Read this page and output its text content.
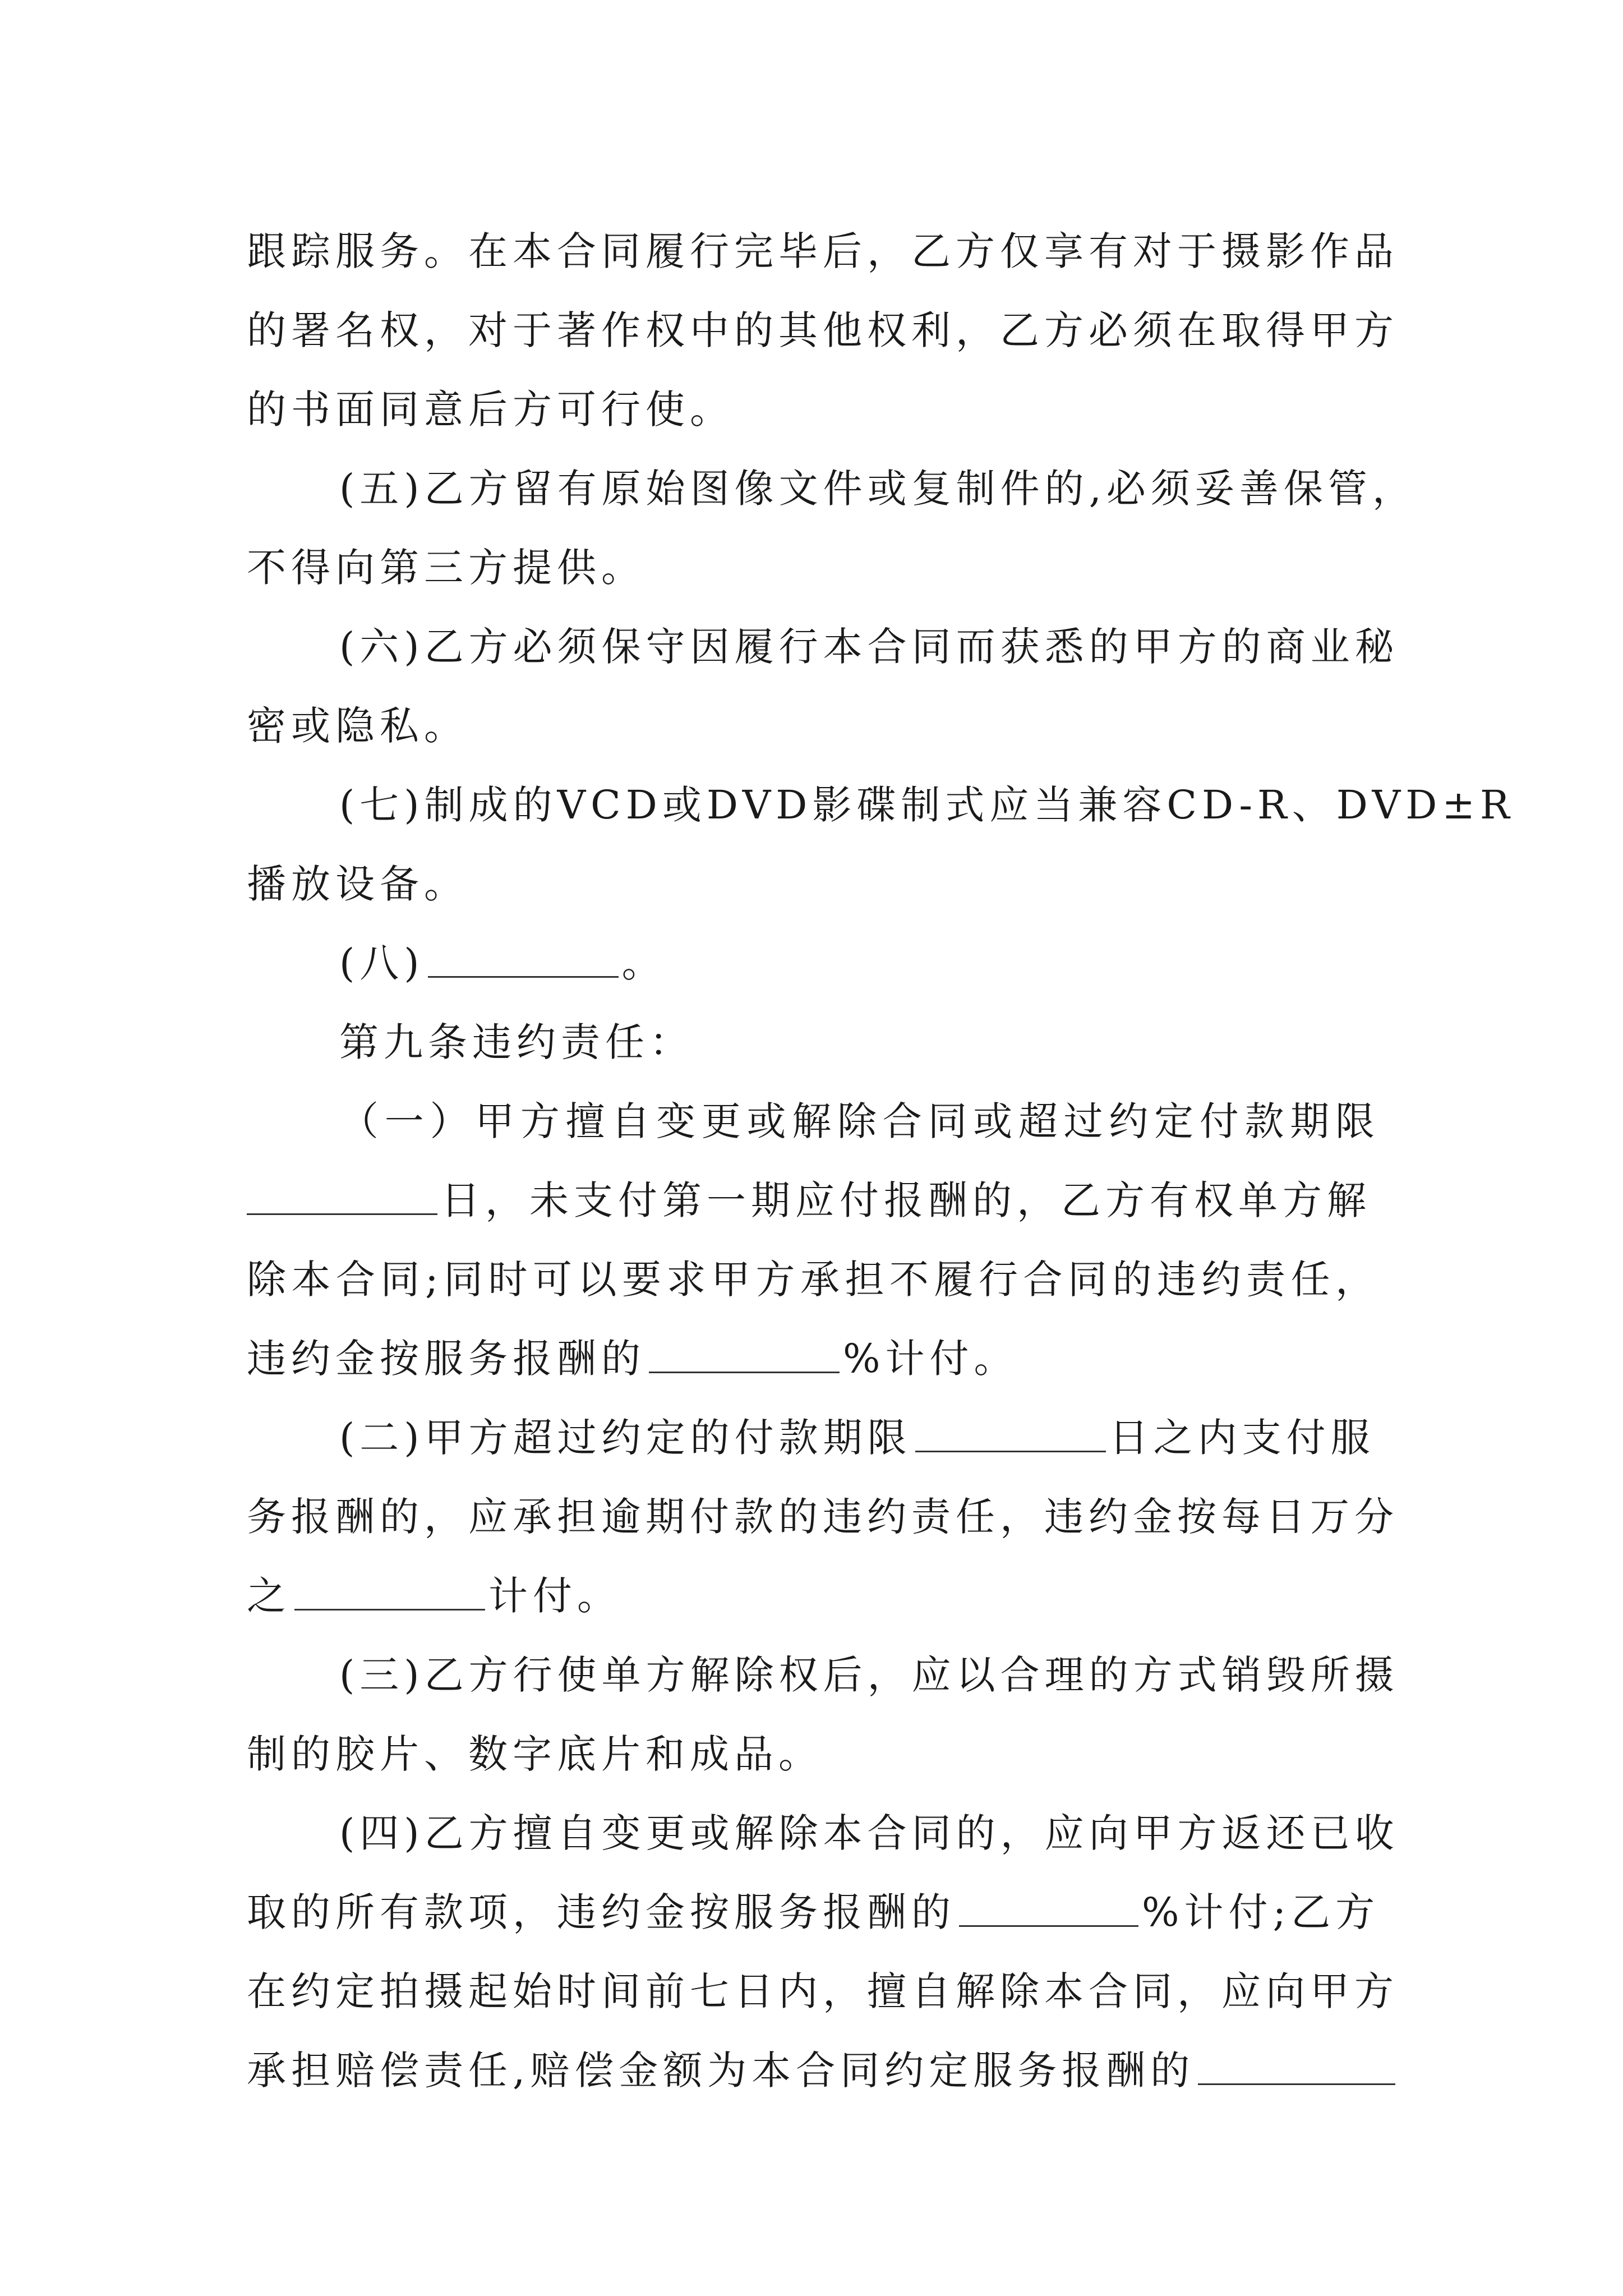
跟踪服务。在本合同履行完毕后，乙方仅享有对于摄影作品
的署名权，对于著作权中的其他权利，乙方必须在取得甲方
的书面同意后方可行使。
(五)乙方留有原始图像文件或复制件的,必须妥善保管，
不得向第三方提供。
(六)乙方必须保守因履行本合同而获悉的甲方的商业秘
密或隐私。
(七)制成的VCD或DVD影碟制式应当兼容CD-R、DVD±R
播放设备。
(八)	。
第九条违约责任：
（一）甲方擅自变更或解除合同或超过约定付款期限
日，未支付第一期应付报酬的，乙方有权单方解
除本合同;同时可以要求甲方承担不履行合同的违约责任，
违约金按服务报酬的	%计付。
(二)甲方超过约定的付款期限	日之内支付服
务报酬的，应承担逾期付款的违约责任，违约金按每日万分
之	计付。
(三)乙方行使单方解除权后，应以合理的方式销毁所摄
制的胶片、数字底片和成品。
(四)乙方擅自变更或解除本合同的，应向甲方返还已收
取的所有款项，违约金按服务报酬的	%计付;乙方
在约定拍摄起始时间前七日内，擅自解除本合同，应向甲方
承担赔偿责任,赔偿金额为本合同约定服务报酬的
